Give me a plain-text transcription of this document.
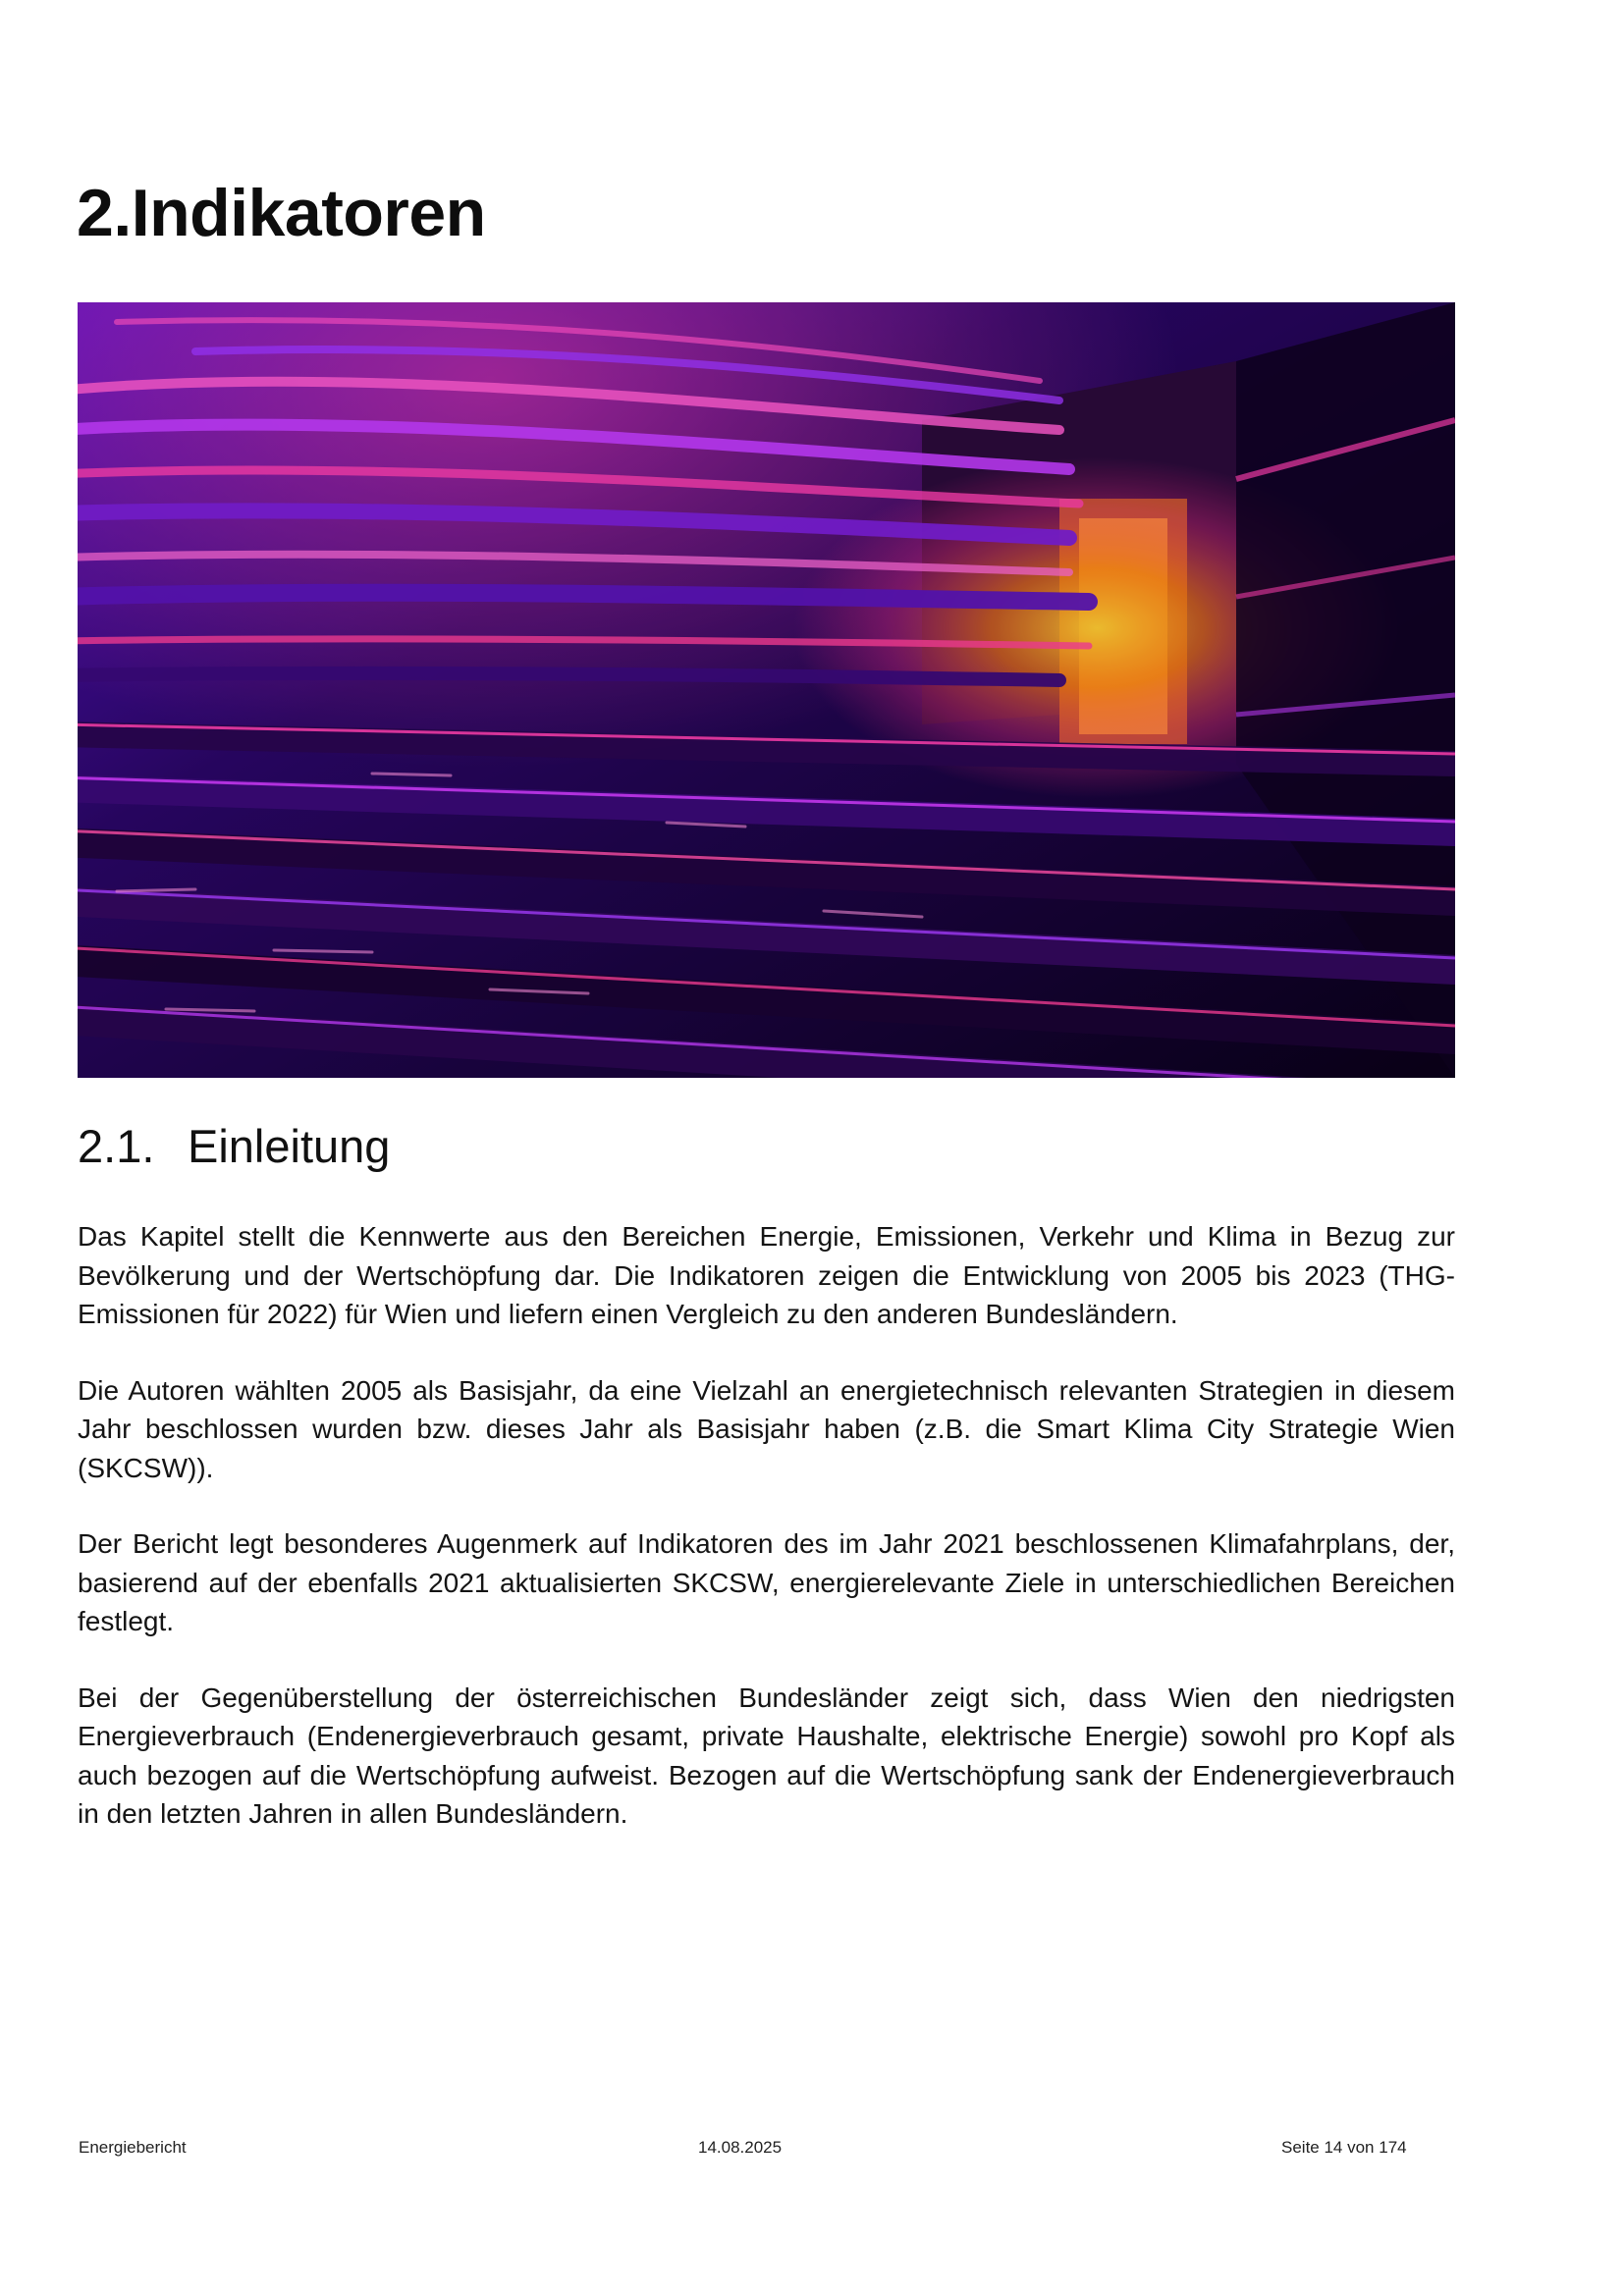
2.Indikatoren
2.1. Einleitung

Das Kapitel stellt die Kennwerte aus den Bereichen Energie, Emissionen, Verkehr und Klima in Bezug zur Bevölkerung und der Wertschöpfung dar. Die Indikatoren zeigen die Entwicklung von 2005 bis 2023 (THG-Emissionen für 2022) für Wien und liefern einen Vergleich zu den anderen Bundesländern.

Die Autoren wählten 2005 als Basisjahr, da eine Vielzahl an energietechnisch relevanten Strategien in diesem Jahr beschlossen wurden bzw. dieses Jahr als Basisjahr haben (z.B. die Smart Klima City Strategie Wien (SKCSW)).

Der Bericht legt besonderes Augenmerk auf Indikatoren des im Jahr 2021 beschlossenen Klimafahrplans, der, basierend auf der ebenfalls 2021 aktualisierten SKCSW, energierelevante Ziele in unterschiedlichen Bereichen festlegt.

Bei der Gegenüberstellung der österreichischen Bundesländer zeigt sich, dass Wien den niedrigsten Energieverbrauch (Endenergieverbrauch gesamt, private Haushalte, elektrische Energie) sowohl pro Kopf als auch bezogen auf die Wertschöpfung aufweist. Bezogen auf die Wertschöpfung sank der Endenergieverbrauch in den letzten Jahren in allen Bundesländern.

Energiebericht	14.08.2025	Seite 14 von 174
